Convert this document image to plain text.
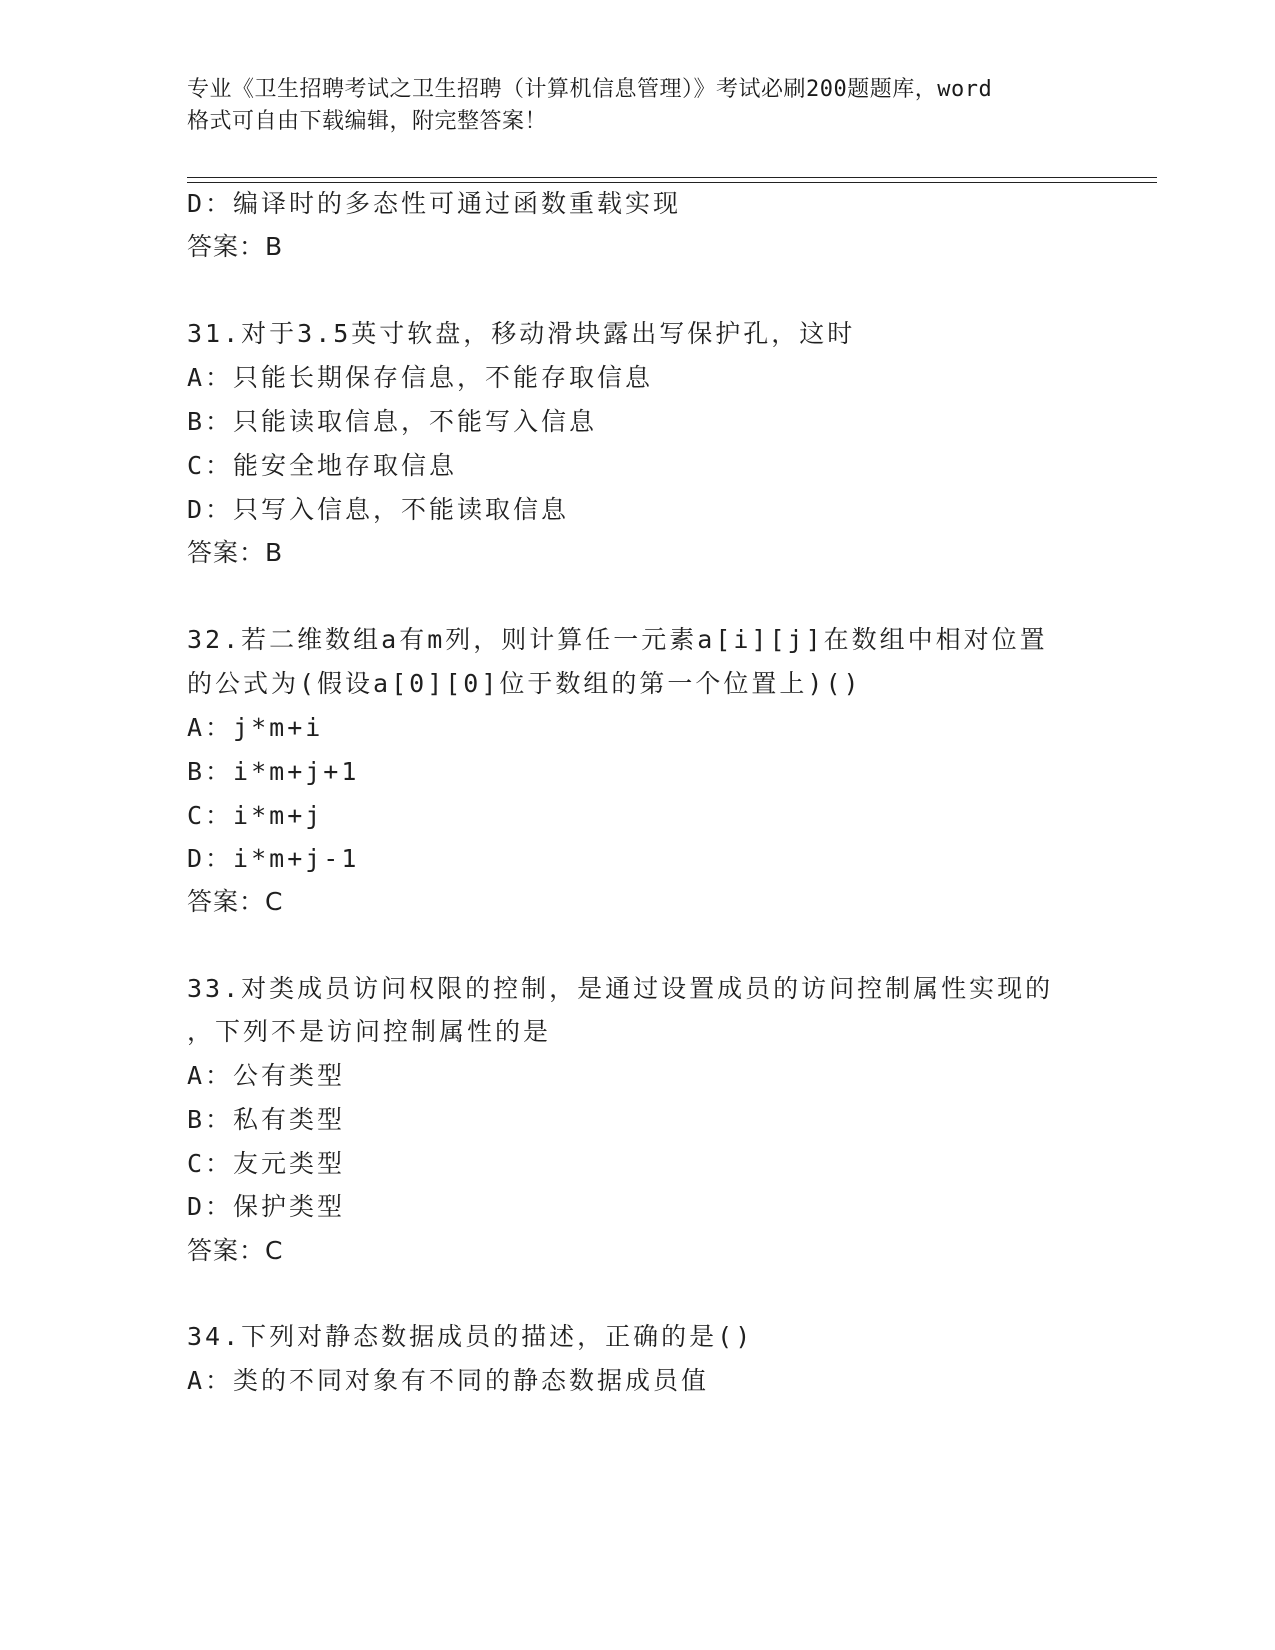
专业《卫生招聘考试之卫生招聘（计算机信息管理）》考试必刷200题题库，word
格式可自由下载编辑，附完整答案！
D：编译时的多态性可通过函数重载实现
答案：B
31.对于3.5英寸软盘，移动滑块露出写保护孔，这时
A：只能长期保存信息，不能存取信息
B：只能读取信息，不能写入信息
C：能安全地存取信息
D：只写入信息，不能读取信息
答案：B
32.若二维数组a有m列，则计算任一元素a[i][j]在数组中相对位置
的公式为(假设a[0][0]位于数组的第一个位置上)()
A：j*m+i
B：i*m+j+1
C：i*m+j
D：i*m+j-1
答案：C
33.对类成员访问权限的控制，是通过设置成员的访问控制属性实现的
，下列不是访问控制属性的是
A：公有类型
B：私有类型
C：友元类型
D：保护类型
答案：C
34.下列对静态数据成员的描述，正确的是()
A：类的不同对象有不同的静态数据成员值
